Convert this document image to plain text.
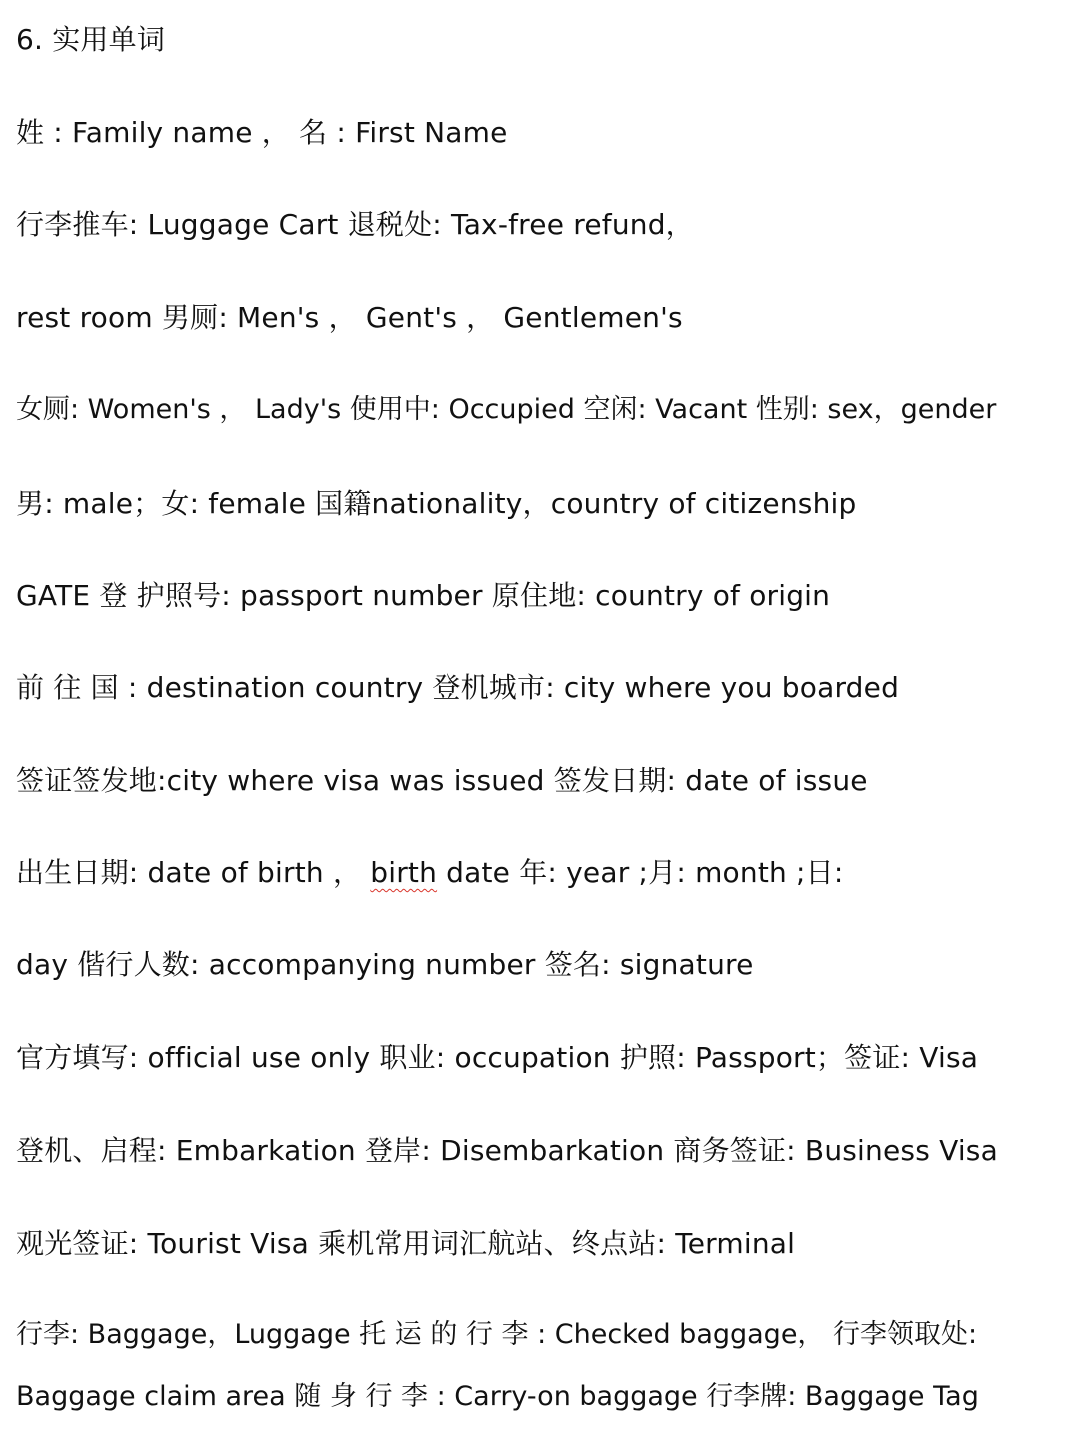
6. 实用单词
姓 : Family name ， 名 : First Name
行李推车: Luggage Cart 退税处: Tax-free refund，
rest room 男厕: Men's ， Gent's ， Gentlemen's
女厕: Women's ， Lady's 使用中: Occupied 空闲: Vacant 性别: sex，gender
男: male；女: female 国籍nationality，country of citizenship
GATE 登 护照号: passport number 原住地: country of origin
前 往 国 : destination country 登机城市: city where you boarded
签证签发地:city where visa was issued 签发日期: date of issue
出生日期: date of birth ， birth date 年: year ;月: month ;日:
day 偕行人数: accompanying number 签名: signature
官方填写: official use only 职业: occupation 护照: Passport；签证: Visa
登机、启程: Embarkation 登岸: Disembarkation 商务签证: Business Visa
观光签证: Tourist Visa 乘机常用词汇航站、终点站: Terminal
行李: Baggage，Luggage 托 运 的 行 李 : Checked baggage， 行李领取处:
Baggage claim area 随 身 行 李 : Carry-on baggage 行李牌: Baggage Tag
